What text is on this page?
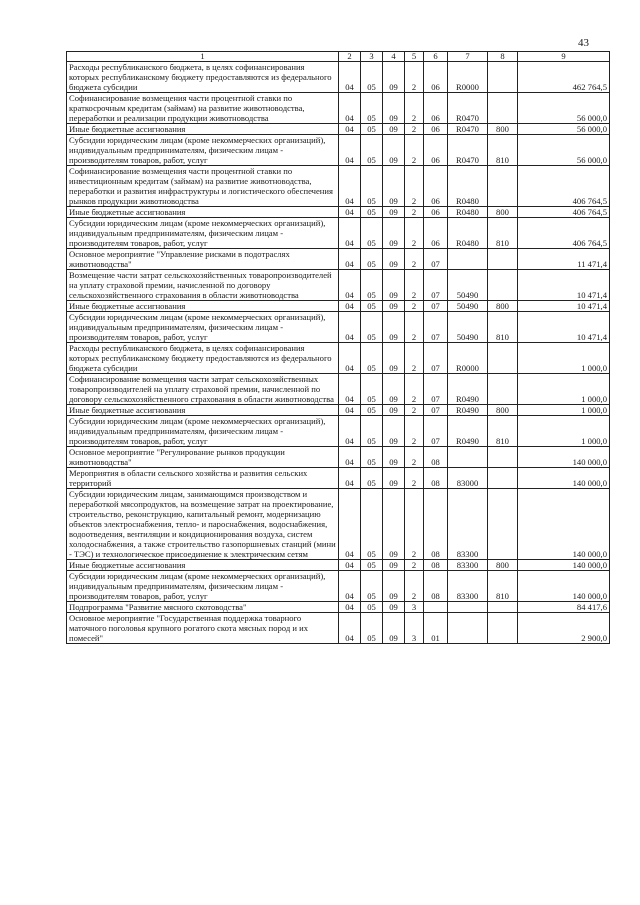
43
1	2	3	4	5	6	7	8	9
Расходы республиканского бюджета, в целях софинансирования которых республиканскому бюджету предоставляются из федерального бюджета субсидии	04	05	09	2	06	R0000		462 764,5
Софинансирование возмещения части процентной ставки по краткосрочным кредитам (займам) на развитие животноводства, переработки и реализации продукции животноводства	04	05	09	2	06	R0470		56 000,0
Иные бюджетные ассигнования	04	05	09	2	06	R0470	800	56 000,0
Субсидии юридическим лицам (кроме некоммерческих организаций), индивидуальным предпринимателям, физическим лицам - производителям товаров, работ, услуг	04	05	09	2	06	R0470	810	56 000,0
Софинансирование возмещения части процентной ставки по инвестиционным кредитам (займам) на развитие животноводства, переработки и развития инфраструктуры и логистического обеспечения рынков продукции животноводства	04	05	09	2	06	R0480		406 764,5
Иные бюджетные ассигнования	04	05	09	2	06	R0480	800	406 764,5
Субсидии юридическим лицам (кроме некоммерческих организаций), индивидуальным предпринимателям, физическим лицам - производителям товаров, работ, услуг	04	05	09	2	06	R0480	810	406 764,5
Основное мероприятие "Управление рисками в подотраслях животноводства"	04	05	09	2	07			11 471,4
Возмещение части затрат сельскохозяйственных товаропроизводителей на уплату страховой премии, начисленной по договору сельскохозяйственного страхования в области животноводства	04	05	09	2	07	50490		10 471,4
Иные бюджетные ассигнования	04	05	09	2	07	50490	800	10 471,4
Субсидии юридическим лицам (кроме некоммерческих организаций), индивидуальным предпринимателям, физическим лицам - производителям товаров, работ, услуг	04	05	09	2	07	50490	810	10 471,4
Расходы республиканского бюджета, в целях софинансирования которых республиканскому бюджету предоставляются из федерального бюджета субсидии	04	05	09	2	07	R0000		1 000,0
Софинансирование возмещения части затрат сельскохозяйственных товаропроизводителей на уплату страховой премии, начисленной по договору сельскохозяйственного страхования в области животноводства	04	05	09	2	07	R0490		1 000,0
Иные бюджетные ассигнования	04	05	09	2	07	R0490	800	1 000,0
Субсидии юридическим лицам (кроме некоммерческих организаций), индивидуальным предпринимателям, физическим лицам - производителям товаров, работ, услуг	04	05	09	2	07	R0490	810	1 000,0
Основное мероприятие "Регулирование рынков продукции животноводства"	04	05	09	2	08			140 000,0
Мероприятия в области сельского хозяйства и развития сельских территорий	04	05	09	2	08	83000		140 000,0
Субсидии юридическим лицам, занимающимся производством и переработкой мясопродуктов, на возмещение затрат на проектирование, строительство, реконструкцию, капитальный ремонт, модернизацию объектов электроснабжения, тепло- и пароснабжения, водоснабжения, водоотведения, вентиляции и кондиционирования воздуха, систем холодоснабжения, а также строительство газопоршневых станций (мини - ТЭС) и технологическое присоединение к электрическим сетям	04	05	09	2	08	83300		140 000,0
Иные бюджетные ассигнования	04	05	09	2	08	83300	800	140 000,0
Субсидии юридическим лицам (кроме некоммерческих организаций), индивидуальным предпринимателям, физическим лицам - производителям товаров, работ, услуг	04	05	09	2	08	83300	810	140 000,0
Подпрограмма "Развитие мясного скотоводства"	04	05	09	3				84 417,6
Основное мероприятие "Государственная поддержка товарного маточного поголовья крупного рогатого скота мясных пород и их помесей"	04	05	09	3	01			2 900,0
